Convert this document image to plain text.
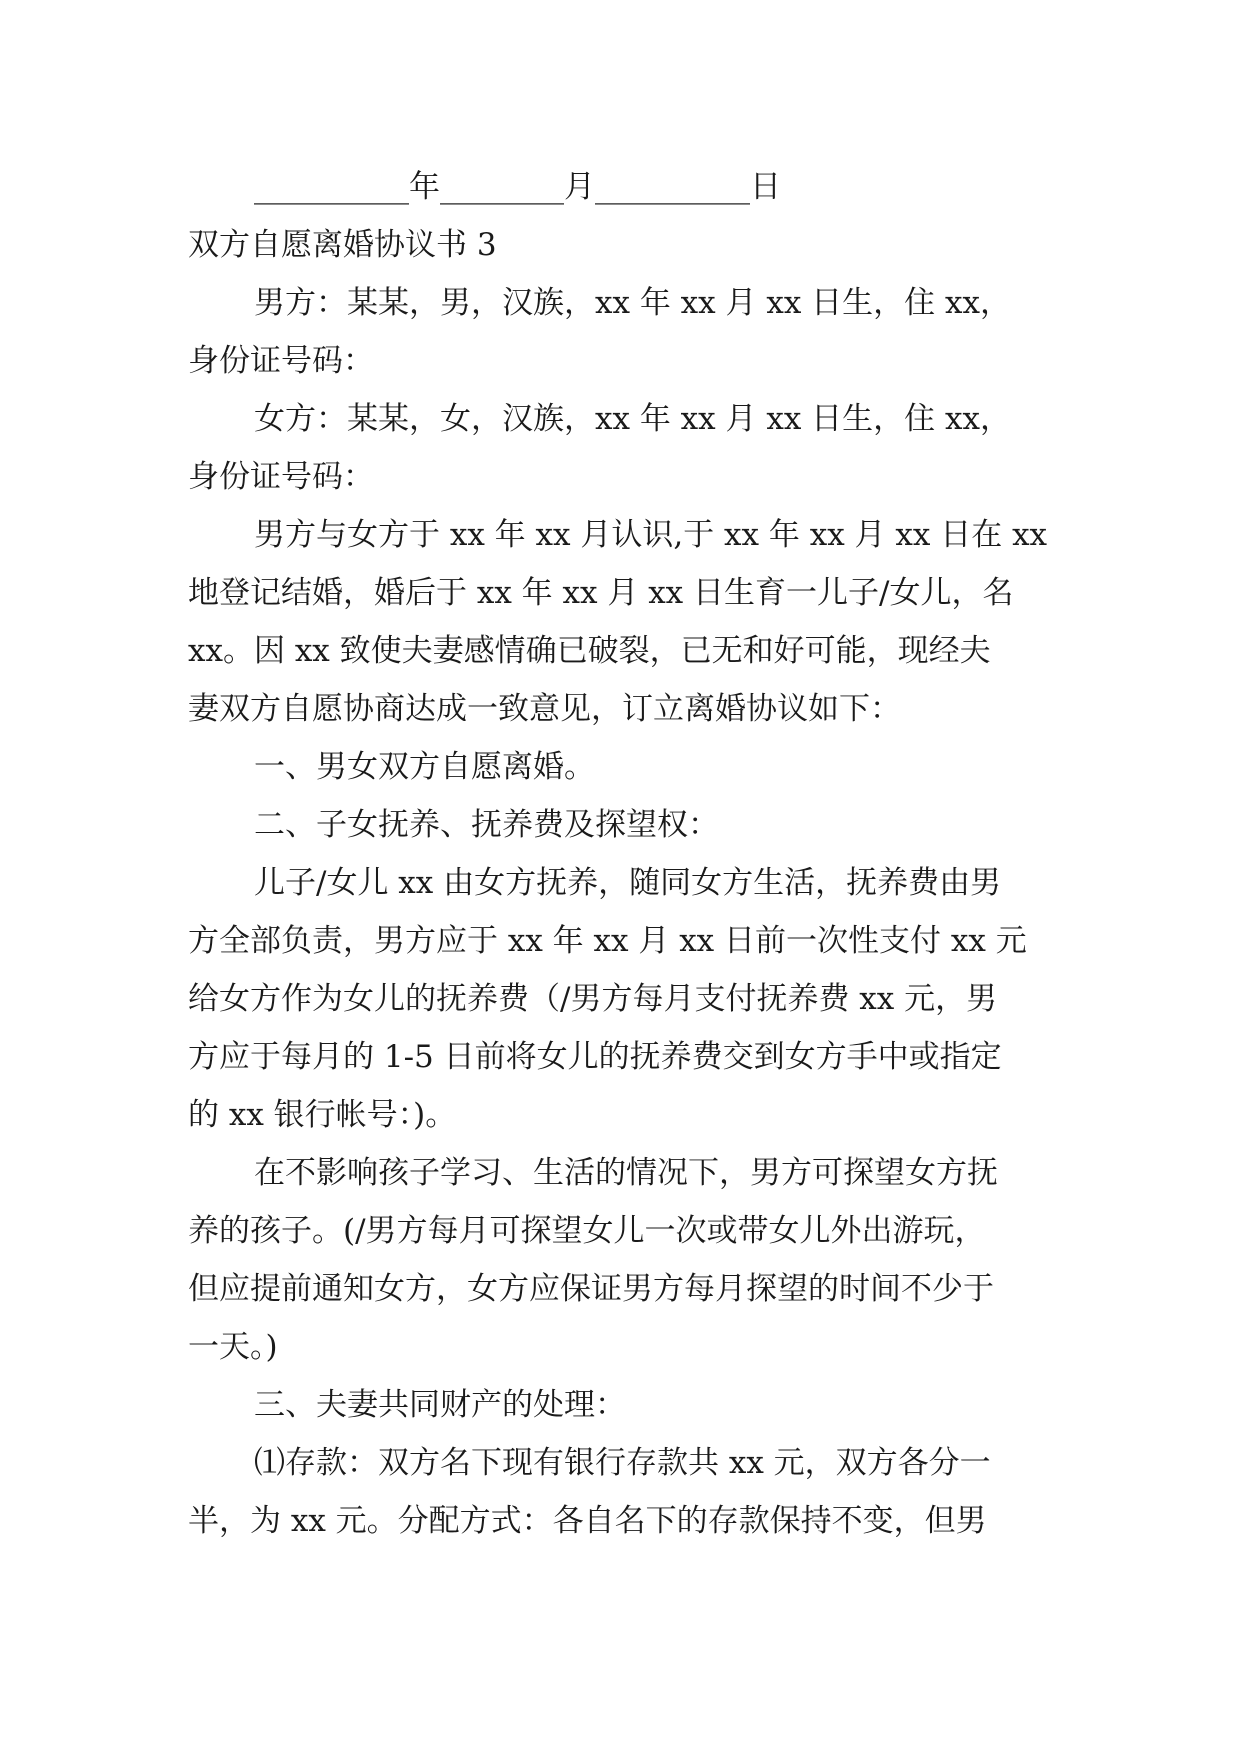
__________年________月__________日
双方自愿离婚协议书 3
男方：某某，男，汉族，xx 年 xx 月 xx 日生，住 xx，
身份证号码：
女方：某某，女，汉族，xx 年 xx 月 xx 日生，住 xx，
身份证号码：
男方与女方于 xx 年 xx 月认识,于 xx 年 xx 月 xx 日在 xx
地登记结婚，婚后于 xx 年 xx 月 xx 日生育一儿子/女儿，名
xx。因 xx 致使夫妻感情确已破裂，已无和好可能，现经夫
妻双方自愿协商达成一致意见，订立离婚协议如下：
一、男女双方自愿离婚。
二、子女抚养、抚养费及探望权：
儿子/女儿 xx 由女方抚养，随同女方生活，抚养费由男
方全部负责，男方应于 xx 年 xx 月 xx 日前一次性支付 xx 元
给女方作为女儿的抚养费（/男方每月支付抚养费 xx 元，男
方应于每月的 1-5 日前将女儿的抚养费交到女方手中或指定
的 xx 银行帐号：)。
在不影响孩子学习、生活的情况下，男方可探望女方抚
养的孩子。(/男方每月可探望女儿一次或带女儿外出游玩，
但应提前通知女方，女方应保证男方每月探望的时间不少于
一天。)
三、夫妻共同财产的处理：
⑴存款：双方名下现有银行存款共 xx 元，双方各分一
半，为 xx 元。分配方式：各自名下的存款保持不变，但男
